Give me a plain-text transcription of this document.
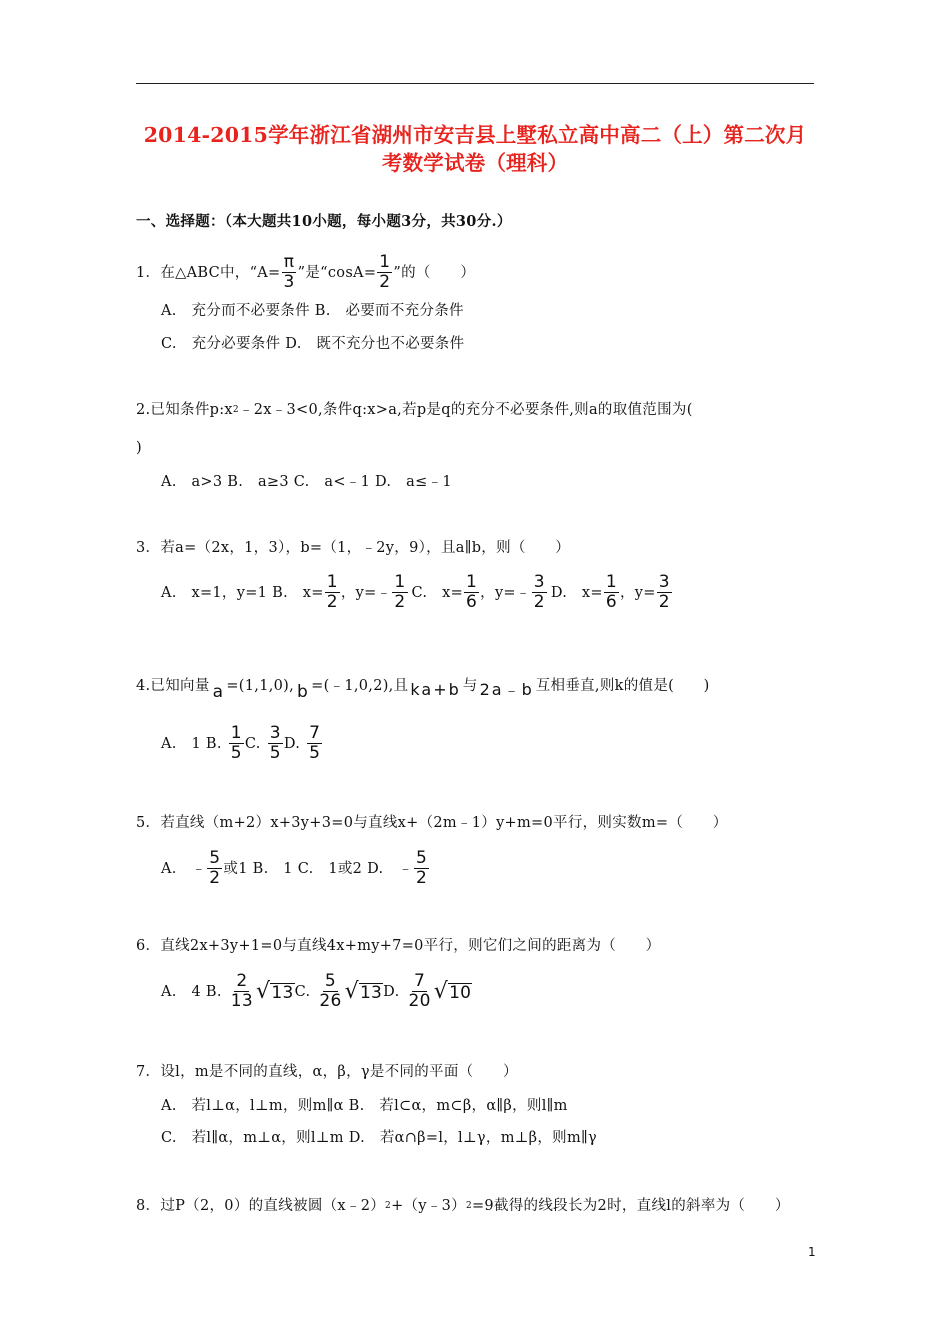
2014-2015学年浙江省湖州市安吉县上墅私立高中高二（上）第二次月
考数学试卷（理科）
一、选择题：（本大题共10小题，每小题3分，共30分.）
1．在△ABC中，“$A= \frac{\pi}{3}$ ”是“$\cos A= \frac{1}{2}$ ”的（　　）
A.　充分而不必要条件 B.　必要而不充分条件
C.　充分必要条件 D.　既不充分也不必要条件
2.已知条件p:x 2 ﹣2x﹣3<0,条件q:x>a,若p是q的充分不必要条件,则a的取值范围为(
)
A.　a>3 B.　a≥3 C.　a<﹣1 D.　a≤﹣1
3．若a=（2x，1，3），b=（1，﹣2y，9），且a∥b，则（　　）
A.　x=1，y=1 B.　$x= \frac{1}{2}$ ，y=﹣ $\frac{1}{2} C$.　$x= \frac{1}{6}$ ，y=﹣ $\frac{3}{2} D$.　$x= \frac{1}{6}$ ，$y= \frac{3}{2}$
4.已知向量 a =(1,1,0), b =(﹣1,0,2),且 ka+b 与 2a﹣b 互相垂直,则k的值是(　　)
A.　1 B. $\frac{1}{5} C$. $\frac{3}{5} D$. $\frac{7}{5}$
5．若直线（m+2）x+3y+3=0与直线x+（2m﹣1）y+m=0平行，则实数m=（　　）
A.　﹣ $\frac{5}{2}$ 或1 B.　1 C.　1或2 D.　﹣ $\frac{5}{2}$
6．直线2x+3y+1=0与直线4x+my+7=0平行，则它们之间的距离为（　　）
A.　4 B. $\frac{2}{13}$ √ 13 C. $\frac{5}{26}$ √ 13 D. $\frac{7}{20}$ √ 10
7．设l，m是不同的直线，α，β，γ是不同的平面（　　）
A.　若l⊥α，l⊥m，则m∥α B.　若l⊂α，m⊂β，α∥β，则l∥m
C.　若l∥α，m⊥α，则l⊥m D.　若α∩β=l，l⊥γ，m⊥β，则m∥γ
8．过P（2，0）的直线被圆（x﹣2） 2 +（y﹣3） 2 =9截得的线段长为2时，直线l的斜率为（　　）
1
